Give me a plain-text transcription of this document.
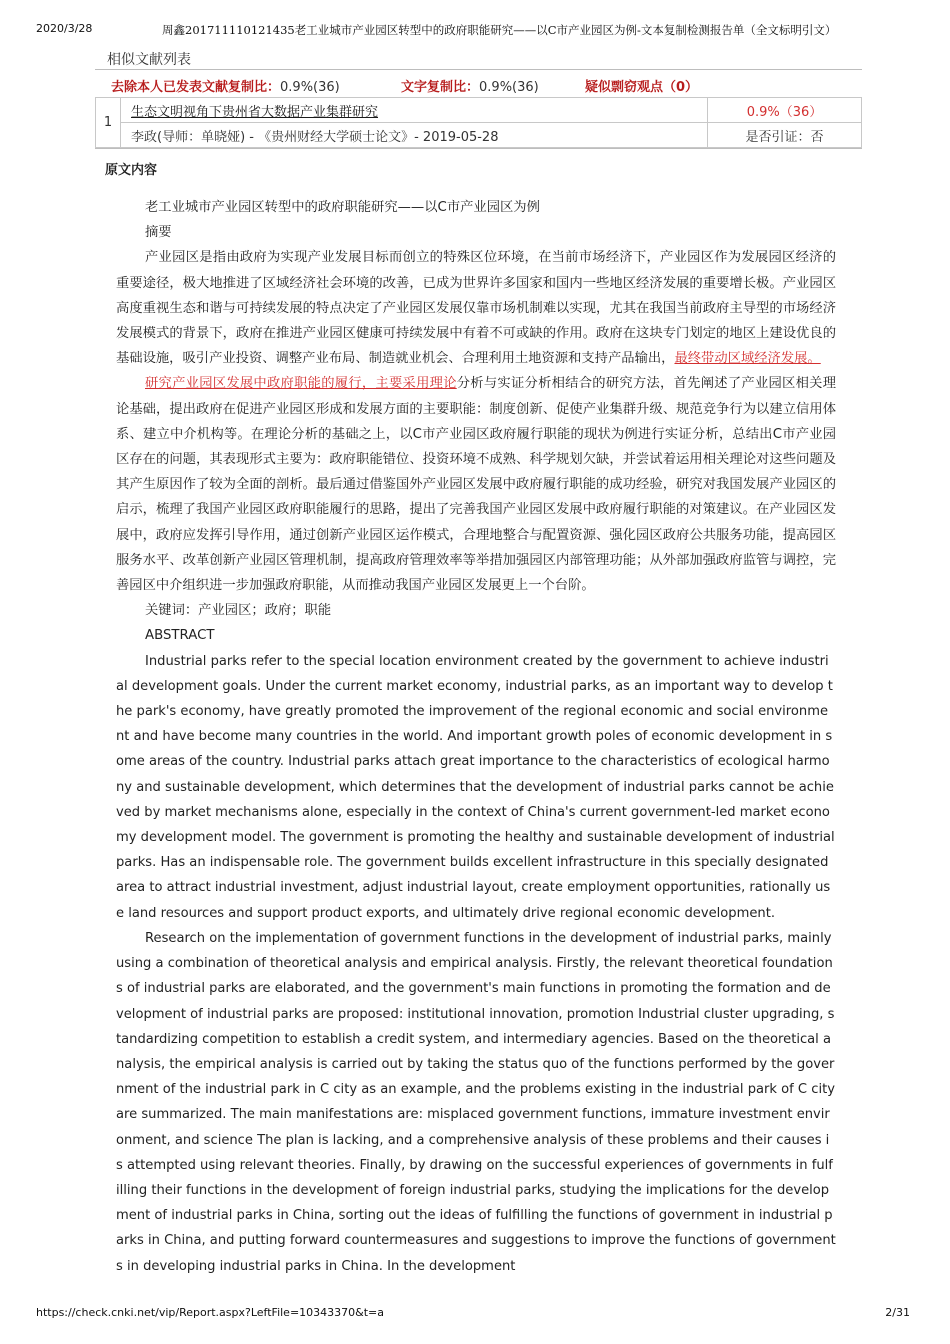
2020/3/28	周鑫201711110121435老工业城市产业园区转型中的政府职能研究——以C市产业园区为例-文本复制检测报告单（全文标明引文）
相似文献列表
去除本人已发表文献复制比：0.9%(36)	文字复制比：0.9%(36)	疑似剽窃观点（0）
1	生态文明视角下贵州省大数据产业集群研究	0.9%（36）
	李政(导师：单晓娅) - 《贵州财经大学硕士论文》- 2019-05-28	是否引证：否
原文内容

老工业城市产业园区转型中的政府职能研究——以C市产业园区为例

摘要

产业园区是指由政府为实现产业发展目标而创立的特殊区位环境，在当前市场经济下，产业园区作为发展园区经济的重要途径，极大地推进了区域经济社会环境的改善，已成为世界许多国家和国内一些地区经济发展的重要增长极。产业园区高度重视生态和谐与可持续发展的特点决定了产业园区发展仅靠市场机制难以实现，尤其在我国当前政府主导型的市场经济发展模式的背景下，政府在推进产业园区健康可持续发展中有着不可或缺的作用。政府在这块专门划定的地区上建设优良的基础设施，吸引产业投资、调整产业布局、制造就业机会、合理利用土地资源和支持产品输出，最终带动区域经济发展。

研究产业园区发展中政府职能的履行，主要采用理论分析与实证分析相结合的研究方法，首先阐述了产业园区相关理论基础，提出政府在促进产业园区形成和发展方面的主要职能：制度创新、促使产业集群升级、规范竞争行为以建立信用体系、建立中介机构等。在理论分析的基础之上，以C市产业园区政府履行职能的现状为例进行实证分析，总结出C市产业园区存在的问题，其表现形式主要为：政府职能错位、投资环境不成熟、科学规划欠缺，并尝试着运用相关理论对这些问题及其产生原因作了较为全面的剖析。最后通过借鉴国外产业园区发展中政府履行职能的成功经验，研究对我国发展产业园区的启示，梳理了我国产业园区政府职能履行的思路，提出了完善我国产业园区发展中政府履行职能的对策建议。在产业园区发展中，政府应发挥引导作用，通过创新产业园区运作模式，合理地整合与配置资源、强化园区政府公共服务功能，提高园区服务水平、改革创新产业园区管理机制，提高政府管理效率等举措加强园区内部管理功能；从外部加强政府监管与调控，完善园区中介组织进一步加强政府职能，从而推动我国产业园区发展更上一个台阶。

关键词：产业园区；政府；职能

ABSTRACT

Industrial parks refer to the special location environment created by the government to achieve industrial development goals. Under the current market economy, industrial parks, as an important way to develop the park's economy, have greatly promoted the improvement of the regional economic and social environment and have become many countries in the world. And important growth poles of economic development in some areas of the country. Industrial parks attach great importance to the characteristics of ecological harmony and sustainable development, which determines that the development of industrial parks cannot be achieved by market mechanisms alone, especially in the context of China's current government-led market economy development model. The government is promoting the healthy and sustainable development of industrial parks. Has an indispensable role. The government builds excellent infrastructure in this specially designated area to attract industrial investment, adjust industrial layout, create employment opportunities, rationally use land resources and support product exports, and ultimately drive regional economic development.

Research on the implementation of government functions in the development of industrial parks, mainly using a combination of theoretical analysis and empirical analysis. Firstly, the relevant theoretical foundations of industrial parks are elaborated, and the government's main functions in promoting the formation and development of industrial parks are proposed: institutional innovation, promotion Industrial cluster upgrading, standardizing competition to establish a credit system, and intermediary agencies. Based on the theoretical analysis, the empirical analysis is carried out by taking the status quo of the functions performed by the government of the industrial park in C city as an example, and the problems existing in the industrial park of C city are summarized. The main manifestations are: misplaced government functions, immature investment environment, and science The plan is lacking, and a comprehensive analysis of these problems and their causes is attempted using relevant theories. Finally, by drawing on the successful experiences of governments in fulfilling their functions in the development of foreign industrial parks, studying the implications for the development of industrial parks in China, sorting out the ideas of fulfilling the functions of government in industrial parks in China, and putting forward countermeasures and suggestions to improve the functions of governments in developing industrial parks in China. In the development

https://check.cnki.net/vip/Report.aspx?LeftFile=10343370&t=a	2/31
